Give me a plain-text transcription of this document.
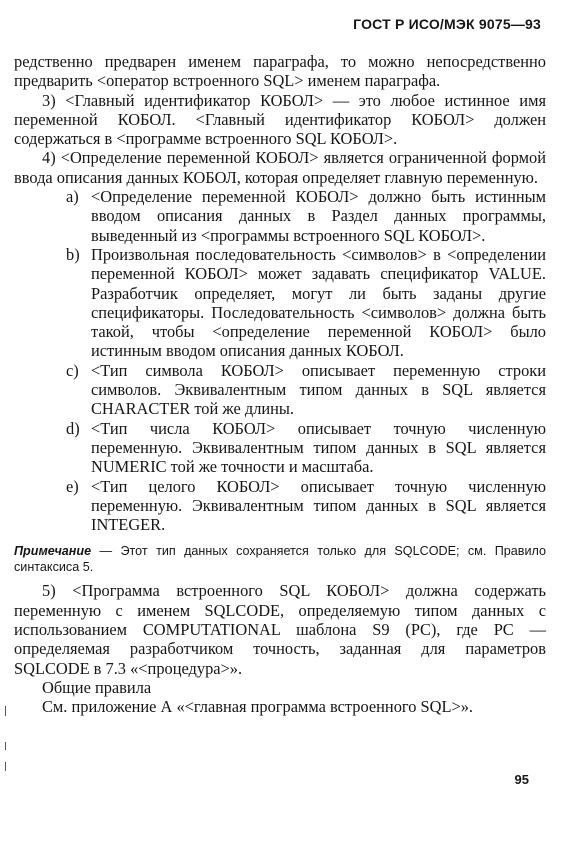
ГОСТ Р ИСО/МЭК 9075—93

редственно предварен именем параграфа, то можно непосредственно предварить <оператор встроенного SQL> именем параграфа.

3) <Главный идентификатор КОБОЛ> — это любое истинное имя переменной КОБОЛ. <Главный идентификатор КОБОЛ> должен содержаться в <программе встроенного SQL КОБОЛ>.

4) <Определение переменной КОБОЛ> является ограниченной формой ввода описания данных КОБОЛ, которая определяет главную переменную.

a) <Определение переменной КОБОЛ> должно быть истинным вводом описания данных в Раздел данных программы, выведенный из <программы встроенного SQL КОБОЛ>.
b) Произвольная последовательность <символов> в <определении переменной КОБОЛ> может задавать спецификатор VALUE. Разработчик определяет, могут ли быть заданы другие спецификаторы. Последовательность <символов> должна быть такой, чтобы <определение переменной КОБОЛ> было истинным вводом описания данных КОБОЛ.
c) <Тип символа КОБОЛ> описывает переменную строки символов. Эквивалентным типом данных в SQL является CHARACTER той же длины.
d) <Тип числа КОБОЛ> описывает точную численную переменную. Эквивалентным типом данных в SQL является NUMERIC той же точности и масштаба.
e) <Тип целого КОБОЛ> описывает точную численную переменную. Эквивалентным типом данных в SQL является INTEGER.

Примечание — Этот тип данных сохраняется только для SQLCODE; см. Правило синтаксиса 5.

5) <Программа встроенного SQL КОБОЛ> должна содержать переменную с именем SQLCODE, определяемую типом данных с использованием COMPUTATIONAL шаблона S9 (PC), где PC — определяемая разработчиком точность, заданная для параметров SQLCODE в 7.3 «<процедура>».

Общие правила

См. приложение А «<главная программа встроенного SQL>».

95
